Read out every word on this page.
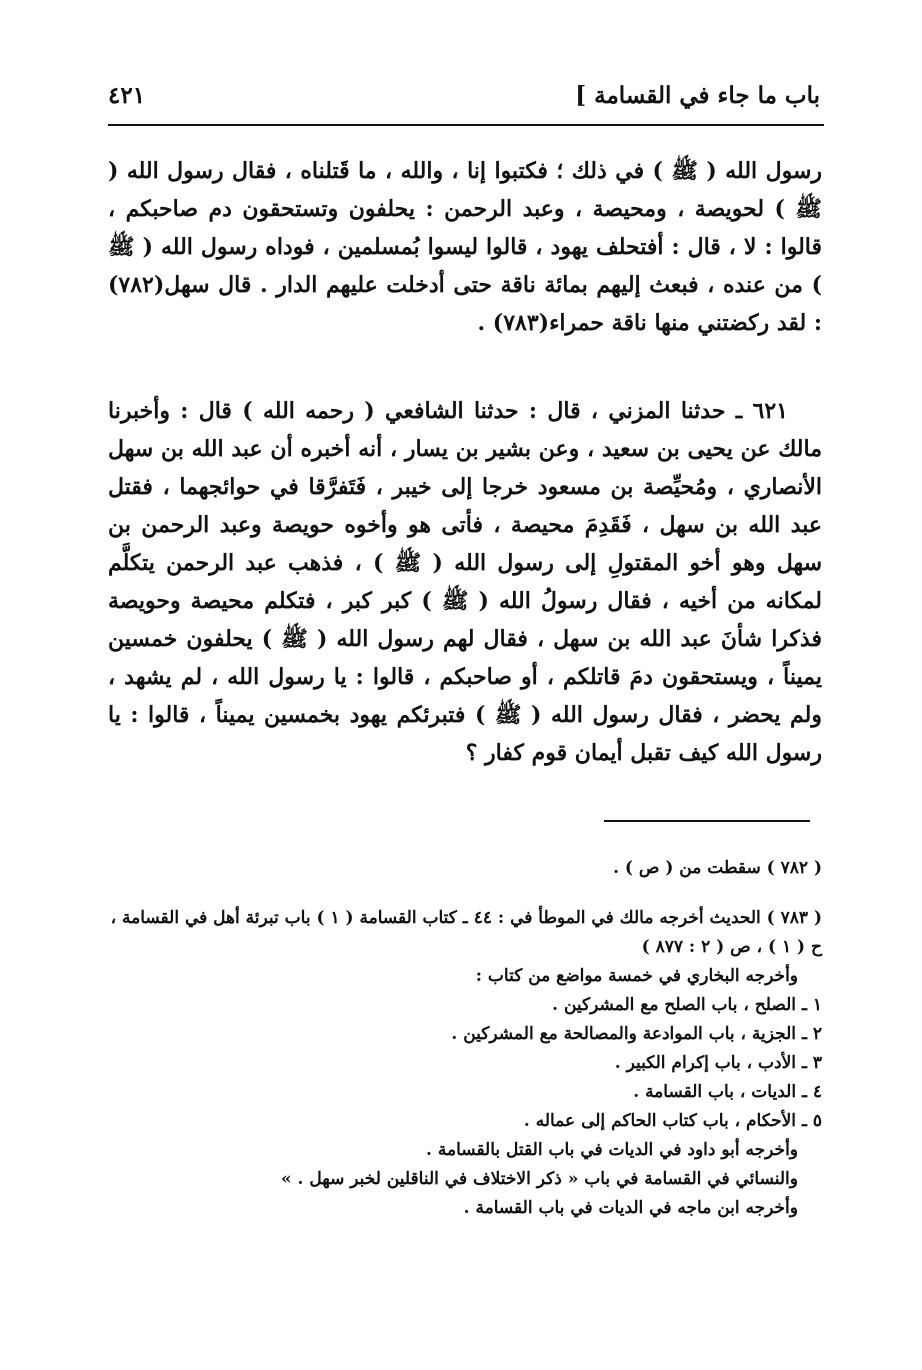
باب ما جاء في القسامة ]
٤٢١

رسول الله ( ﷺ ) في ذلك ؛ فكتبوا إنا ، والله ، ما قَتلناه ، فقال رسول الله ( ﷺ ) لحويصة ، ومحيصة ، وعبد الرحمن : يحلفون وتستحقون دم صاحبكم ، قالوا : لا ، قال : أفتحلف يهود ، قالوا ليسوا بُمسلمين ، فوداه رسول الله ( ﷺ ) من عنده ، فبعث إليهم بمائة ناقة حتى أدخلت عليهم الدار . قال سهل(٧٨٢) : لقد ركضتني منها ناقة حمراء(٧٨٣) .

٦٢١ ـ حدثنا المزني ، قال : حدثنا الشافعي ( رحمه الله ) قال : وأخبرنا مالك عن يحيى بن سعيد ، وعن بشير بن يسار ، أنه أخبره أن عبد الله بن سهل الأنصاري ، ومُحيِّصة بن مسعود خرجا إلى خيبر ، فَتَفرَّقا في حوائجهما ، فقتل عبد الله بن سهل ، فَقَدِمَ محيصة ، فأتى هو وأخوه حويصة وعبد الرحمن بن سهل وهو أخو المقتولِ إلى رسول الله ( ﷺ ) ، فذهب عبد الرحمن يتكلَّم لمكانه من أخيه ، فقال رسولُ الله ( ﷺ ) كبر كبر ، فتكلم محيصة وحويصة فذكرا شأنَ عبد الله بن سهل ، فقال لهم رسول الله ( ﷺ ) يحلفون خمسين يميناً ، ويستحقون دمَ قاتلكم ، أو صاحبكم ، قالوا : يا رسول الله ، لم يشهد ، ولم يحضر ، فقال رسول الله ( ﷺ ) فتبرئكم يهود بخمسين يميناً ، قالوا : يا رسول الله كيف تقبل أيمان قوم كفار ؟

( ٧٨٢ ) سقطت من ( ص ) .

( ٧٨٣ ) الحديث أخرجه مالك في الموطأ في : ٤٤ ـ كتاب القسامة ( ١ ) باب تبرئة أهل في القسامة ، ح ( ١ ) ، ص ( ٢ : ٨٧٧ )

وأخرجه البخاري في خمسة مواضع من كتاب :

١ ـ الصلح ، باب الصلح مع المشركين .

٢ ـ الجزية ، باب الموادعة والمصالحة مع المشركين .

٣ ـ الأدب ، باب إكرام الكبير .

٤ ـ الديات ، باب القسامة .

٥ ـ الأحكام ، باب كتاب الحاكم إلى عماله .

وأخرجه أبو داود في الديات في باب القتل بالقسامة .

والنسائي في القسامة في باب « ذكر الاختلاف في الناقلين لخبر سهل . »

وأخرجه ابن ماجه في الديات في باب القسامة .
